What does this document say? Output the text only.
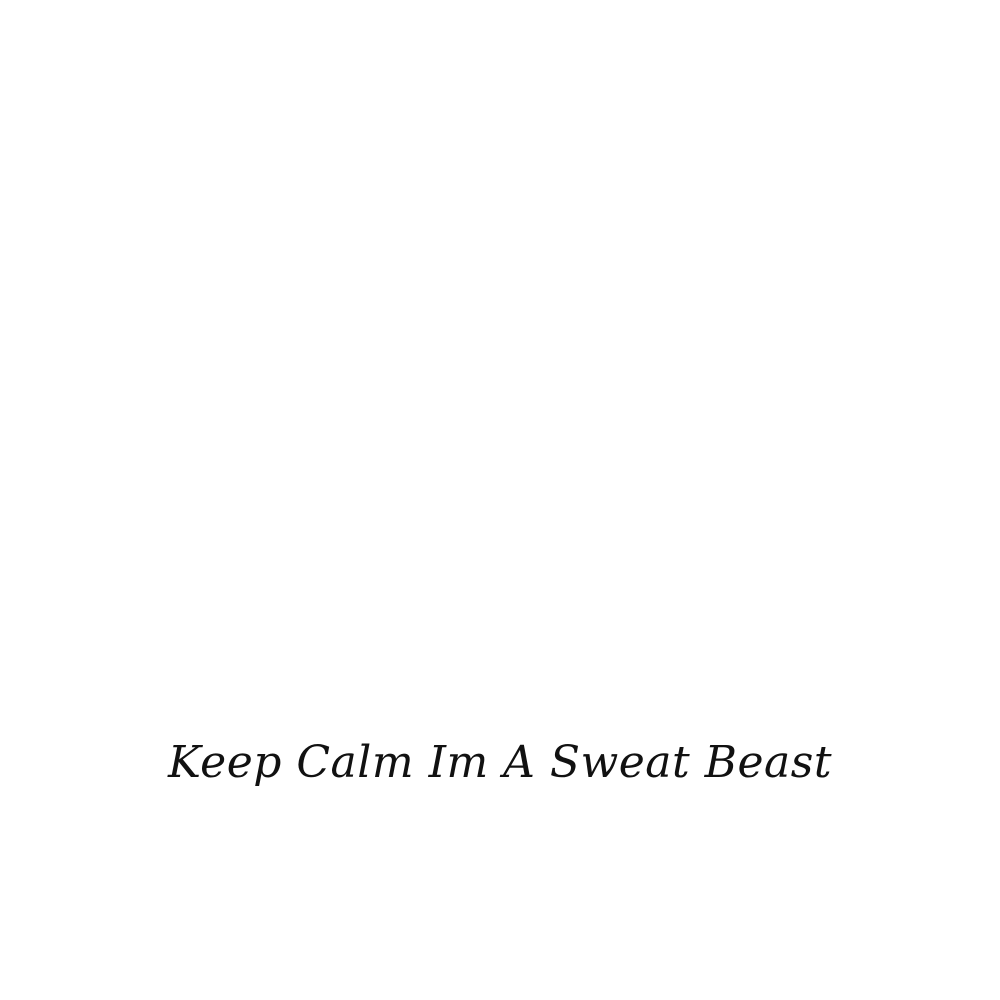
Keep Calm Im A Sweat Beast
